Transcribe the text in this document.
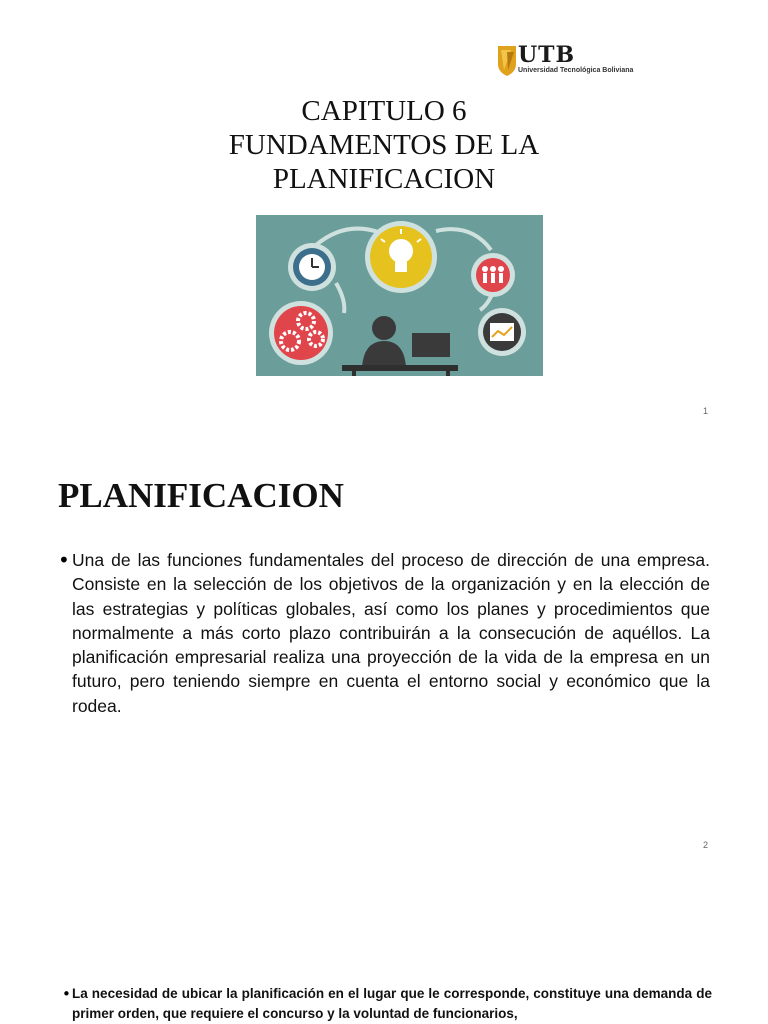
UTB
Universidad Tecnológica Boliviana
CAPITULO 6
FUNDAMENTOS DE LA
PLANIFICACION
1
PLANIFICACION
• Una de las funciones fundamentales del proceso de dirección de una empresa. Consiste en la selección de los objetivos de la organización y en la elección de las estrategias y políticas globales, así como los planes y procedimientos que normalmente a más corto plazo contribuirán a la consecución de aquéllos. La planificación empresarial realiza una proyección de la vida de la empresa en un futuro, pero teniendo siempre en cuenta el entorno social y económico que la rodea.
2
• La necesidad de ubicar la planificación en el lugar que le corresponde, constituye una demanda de primer orden, que requiere el concurso y la voluntad de funcionarios,
